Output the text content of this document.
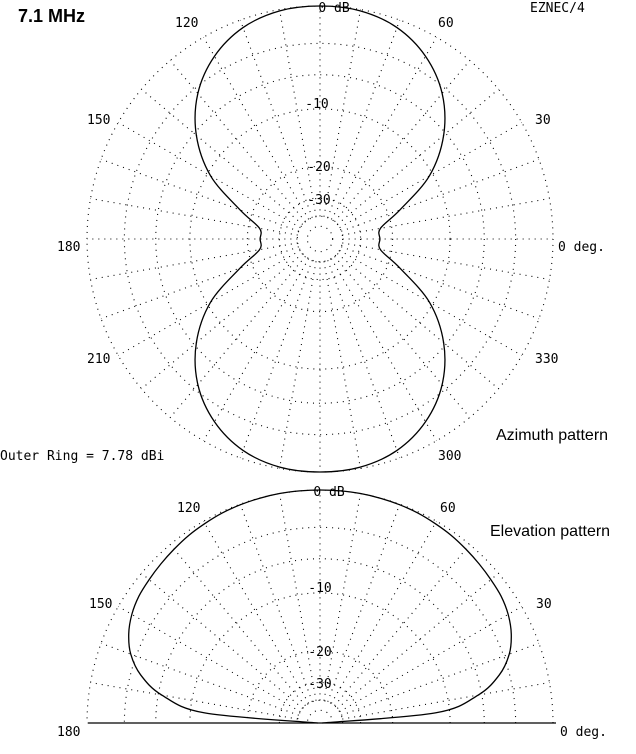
7.1 MHz	EZNEC/4
0 dB
-10
-20
-30
0 deg.
30
60
120
150
180
210
300
330
Azimuth pattern
Outer Ring = 7.78 dBi
0 dB
-10
-20
-30
0 deg.
30
60
120
150
180
Elevation pattern
